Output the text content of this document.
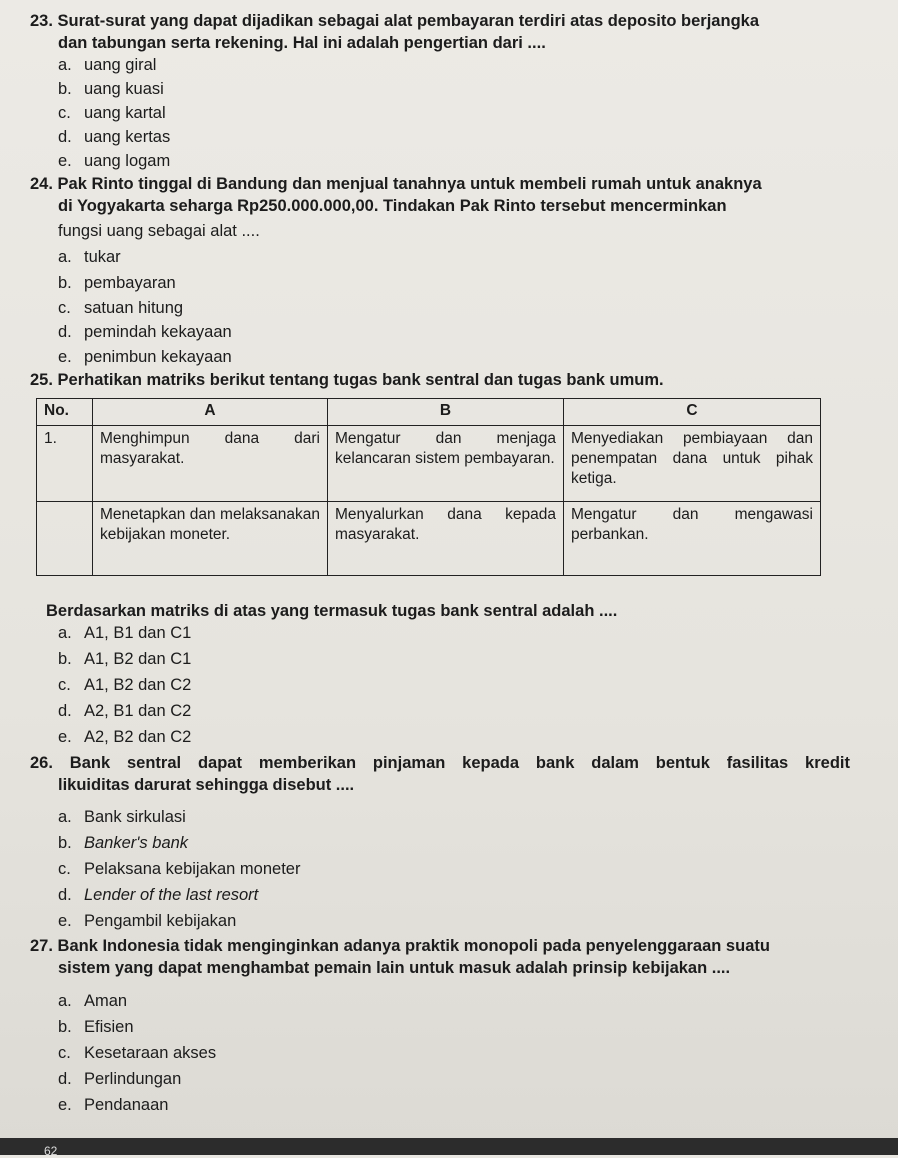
23. Surat-surat yang dapat dijadikan sebagai alat pembayaran terdiri atas deposito berjangka
dan tabungan serta rekening. Hal ini adalah pengertian dari ....
a. uang giral
b. uang kuasi
c. uang kartal
d. uang kertas
e. uang logam
24. Pak Rinto tinggal di Bandung dan menjual tanahnya untuk membeli rumah untuk anaknya
di Yogyakarta seharga Rp250.000.000,00. Tindakan Pak Rinto tersebut mencerminkan
fungsi uang sebagai alat ....
a. tukar
b. pembayaran
c. satuan hitung
d. pemindah kekayaan
e. penimbun kekayaan
25. Perhatikan matriks berikut tentang tugas bank sentral dan tugas bank umum.
No.	A	B	C
1.	Menghimpun dana dari masyarakat.	Mengatur dan menjaga kelancaran sistem pembayaran.	Menyediakan pembiayaan dan penempatan dana untuk pihak ketiga.
	Menetapkan dan melaksanakan kebijakan moneter.	Menyalurkan dana kepada masyarakat.	Mengatur dan mengawasi perbankan.
Berdasarkan matriks di atas yang termasuk tugas bank sentral adalah ....
a. A1, B1 dan C1
b. A1, B2 dan C1
c. A1, B2 dan C2
d. A2, B1 dan C2
e. A2, B2 dan C2
26. Bank sentral dapat memberikan pinjaman kepada bank dalam bentuk fasilitas kredit
likuiditas darurat sehingga disebut ....
a. Bank sirkulasi
b. Banker's bank
c. Pelaksana kebijakan moneter
d. Lender of the last resort
e. Pengambil kebijakan
27. Bank Indonesia tidak menginginkan adanya praktik monopoli pada penyelenggaraan suatu
sistem yang dapat menghambat pemain lain untuk masuk adalah prinsip kebijakan ....
a. Aman
b. Efisien
c. Kesetaraan akses
d. Perlindungan
e. Pendanaan
62
